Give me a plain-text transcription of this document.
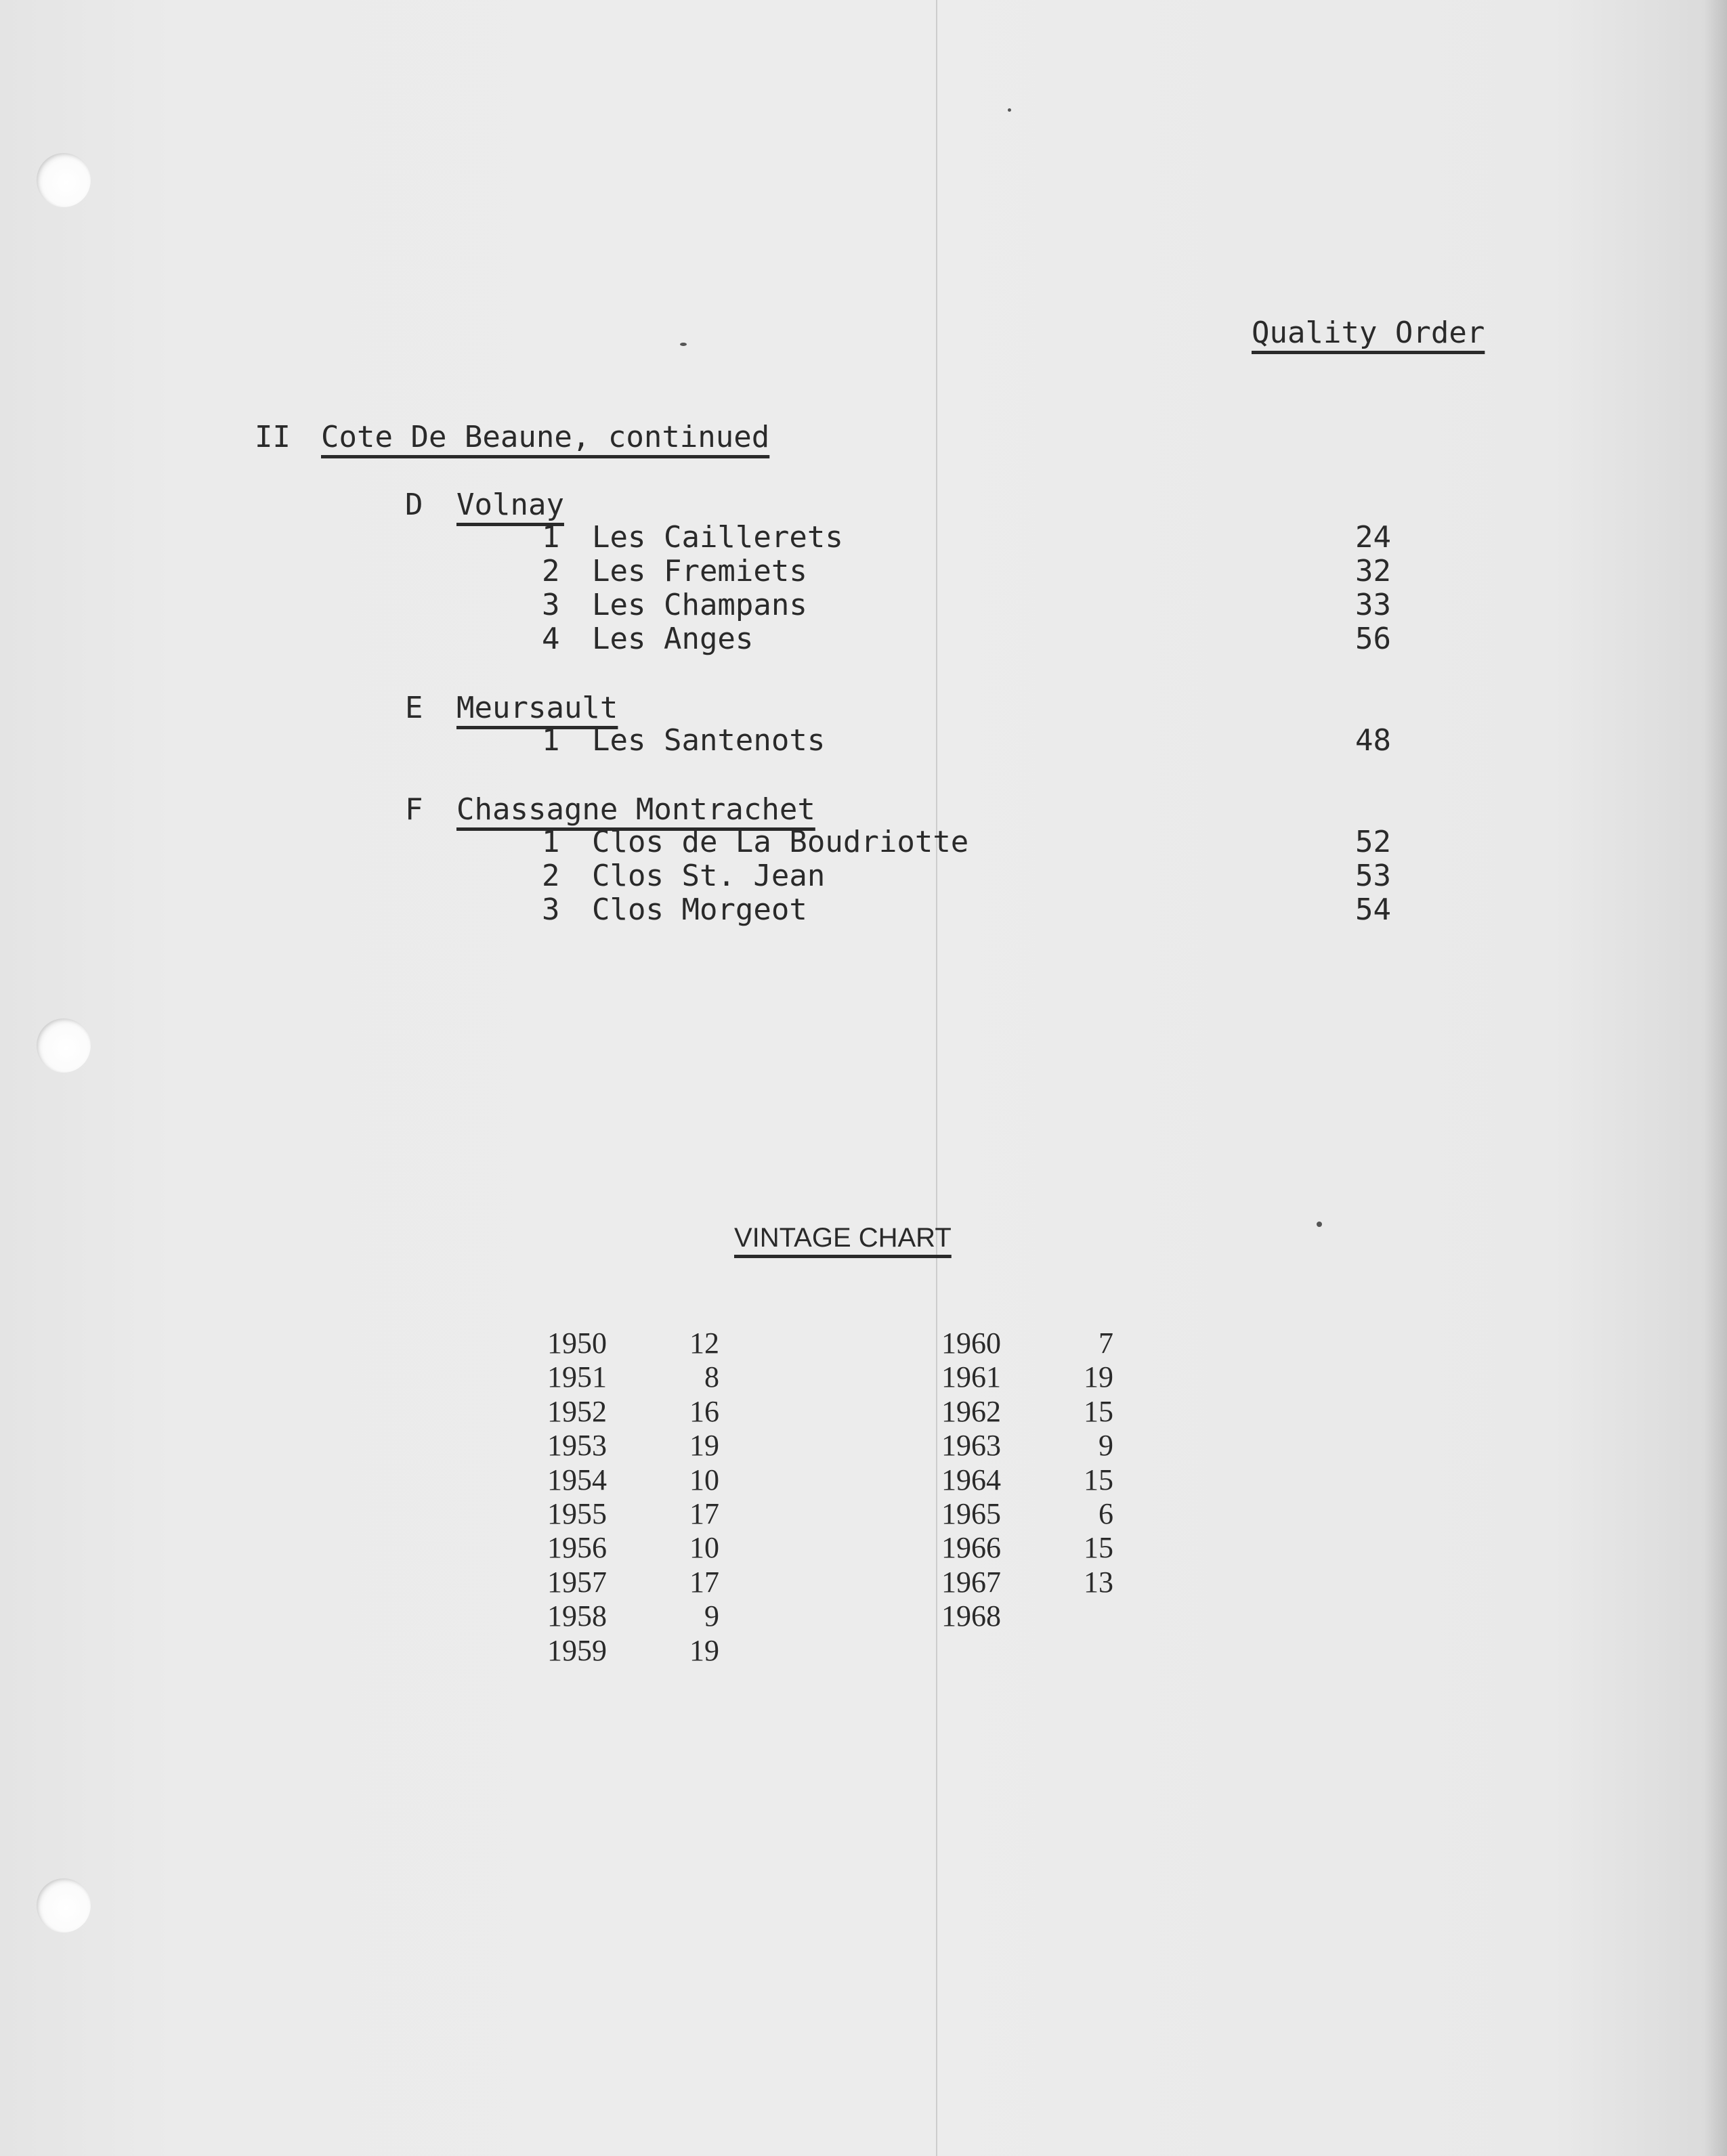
Quality Order
II Cote De Beaune, continued
D Volnay
1 Les Caillerets	24
2 Les Fremiets	32
3 Les Champans	33
4 Les Anges	56
E Meursault
1 Les Santenots	48
F Chassagne Montrachet
1 Clos de La Boudriotte	52
2 Clos St. Jean	53
3 Clos Morgeot	54
VINTAGE CHART
1950	12
1951	8
1952	16
1953	19
1954	10
1955	17
1956	10
1957	17
1958	9
1959	19
1960	7
1961	19
1962	15
1963	9
1964	15
1965	6
1966	15
1967	13
1968
